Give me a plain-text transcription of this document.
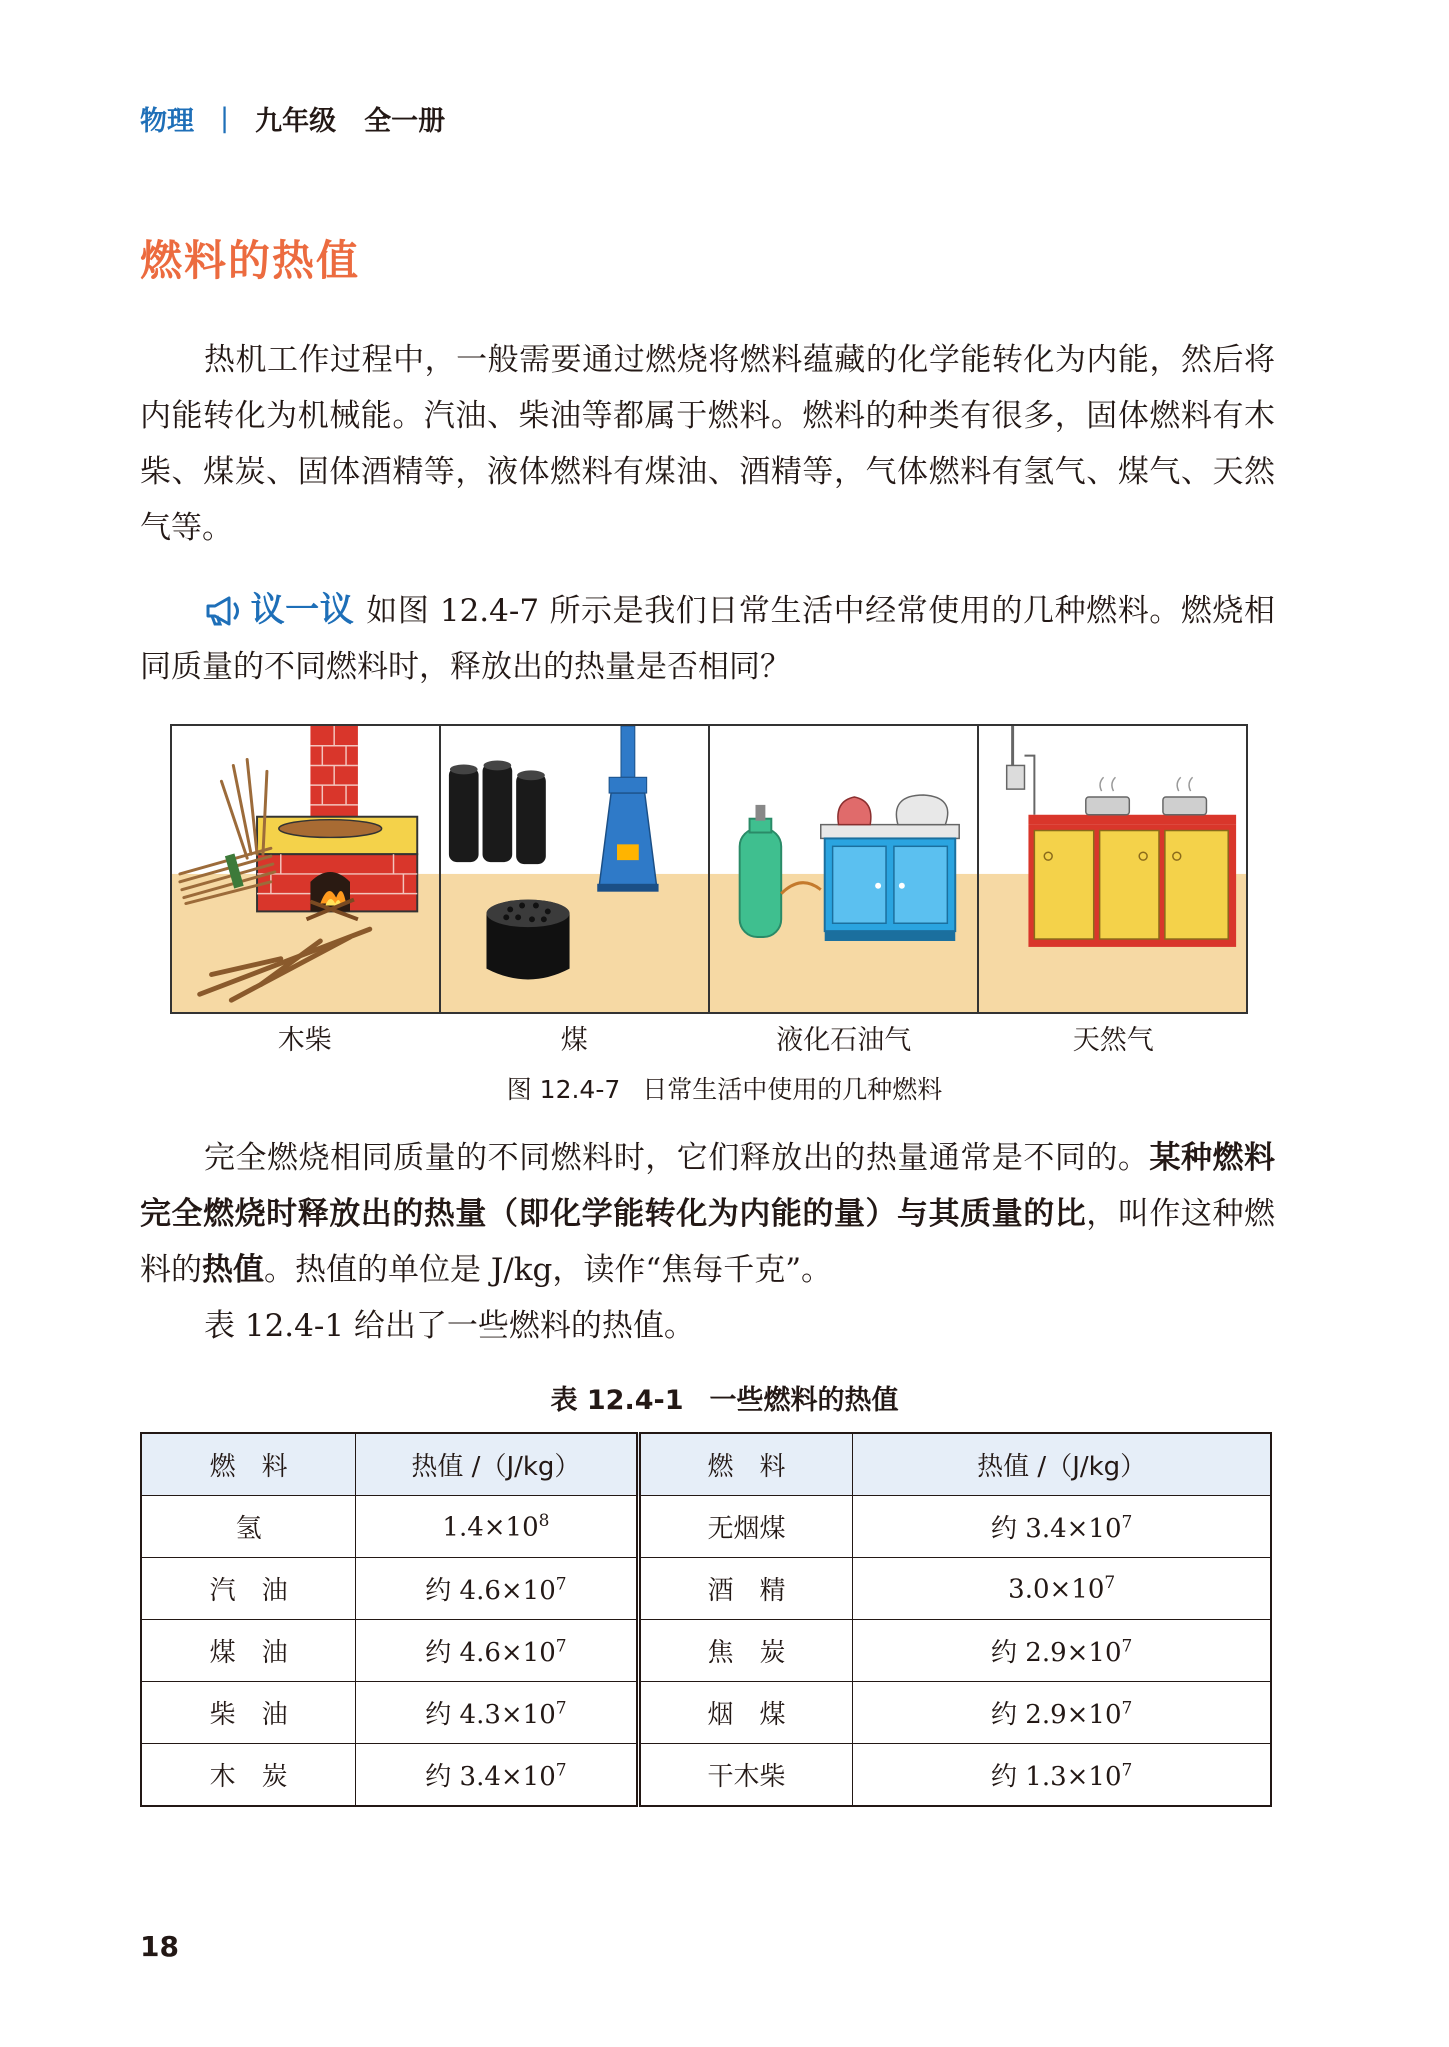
物理 | 九年级 全一册
燃料的热值

热机工作过程中，一般需要通过燃烧将燃料蕴藏的化学能转化为内能，然后将内能转化为机械能。汽油、柴油等都属于燃料。燃料的种类有很多，固体燃料有木柴、煤炭、固体酒精等，液体燃料有煤油、酒精等，气体燃料有氢气、煤气、天然气等。

议一议 如图 12.4-7 所示是我们日常生活中经常使用的几种燃料。燃烧相同质量的不同燃料时，释放出的热量是否相同？

木柴	煤	液化石油气	天然气
图 12.4-7 日常生活中使用的几种燃料

完全燃烧相同质量的不同燃料时，它们释放出的热量通常是不同的。某种燃料完全燃烧时释放出的热量（即化学能转化为内能的量）与其质量的比，叫作这种燃料的热值。热值的单位是 J/kg，读作“焦每千克”。

表 12.4-1 给出了一些燃料的热值。

表 12.4-1 一些燃料的热值
燃　料	热值 /（J/kg）	燃　料	热值 /（J/kg）
氢	$1.4\times 10^8$	无烟煤	约 $3.4\times 10^7$
汽　油	约 $4.6\times 10^7$	酒　精	$3.0\times 10^7$
煤　油	约 $4.6\times 10^7$	焦　炭	约 $2.9\times 10^7$
柴　油	约 $4.3\times 10^7$	烟　煤	约 $2.9\times 10^7$
木　炭	约 $3.4\times 10^7$	干木柴	约 $1.3\times 10^7$
18
